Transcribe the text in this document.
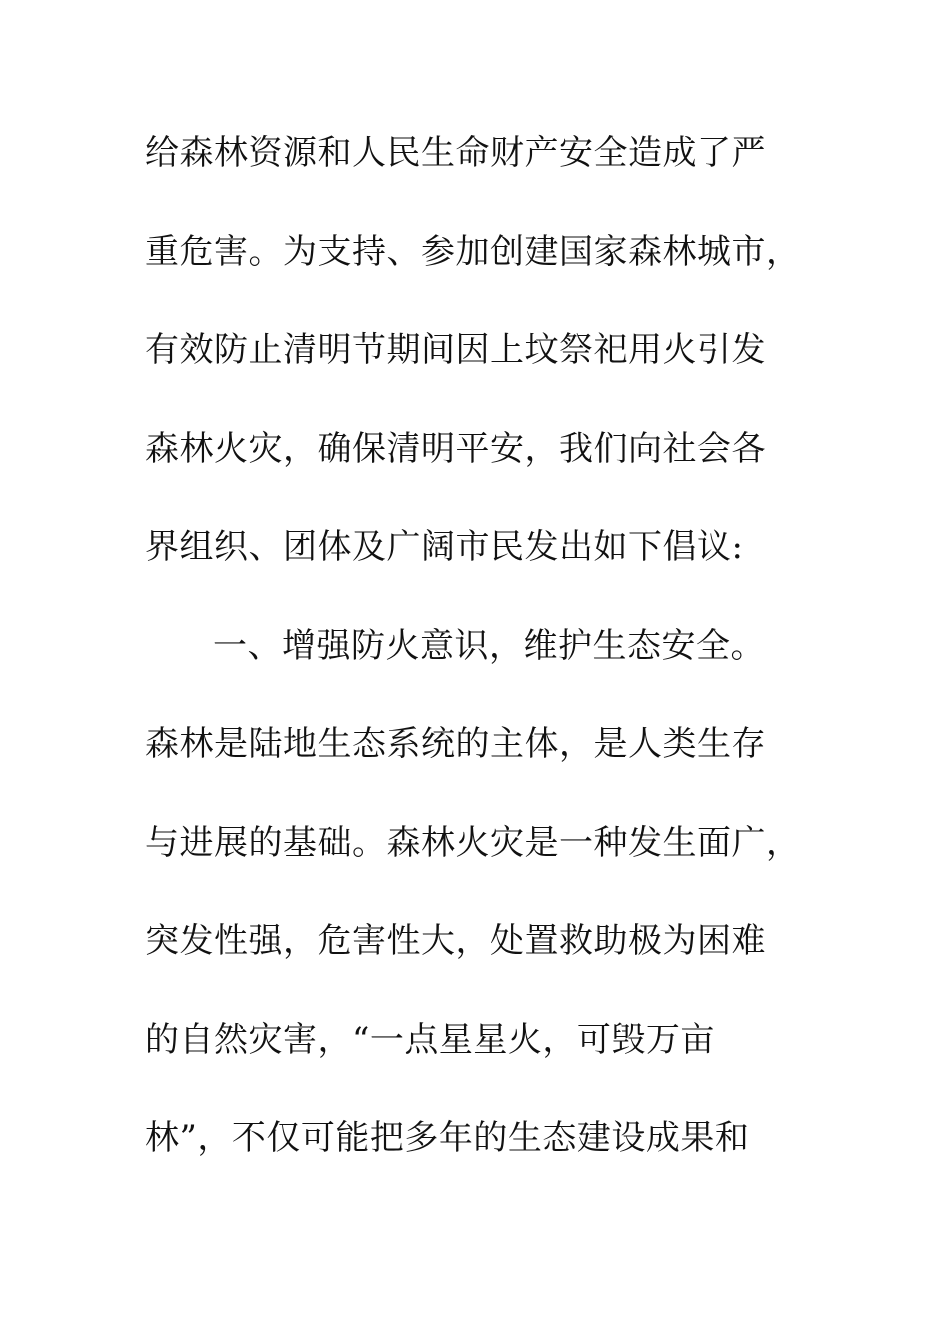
给森林资源和人民生命财产安全造成了严
重危害。为支持、参加创建国家森林城市，
有效防止清明节期间因上坟祭祀用火引发
森林火灾，确保清明平安，我们向社会各
界组织、团体及广阔市民发出如下倡议:
一、增强防火意识，维护生态安全。
森林是陆地生态系统的主体，是人类生存
与进展的基础。森林火灾是一种发生面广，
突发性强，危害性大，处置救助极为困难
的自然灾害，“一点星星火，可毁万亩
林”，不仅可能把多年的生态建设成果和
